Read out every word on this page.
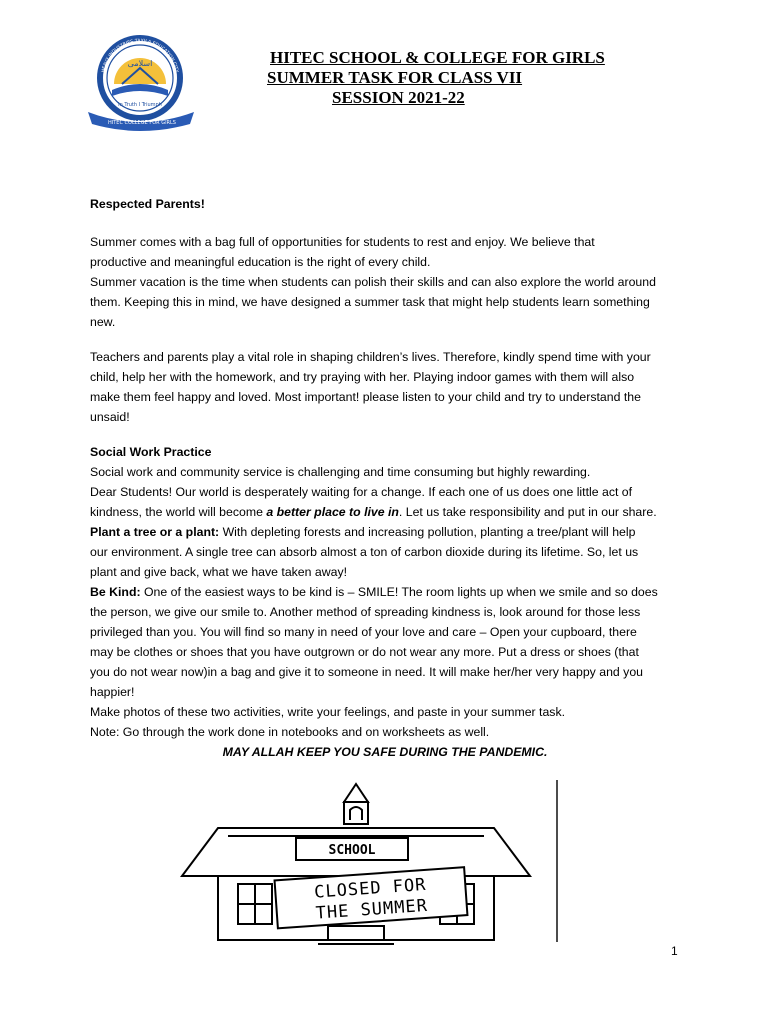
اسلامی
In Truth I Triumph
HEAVY INDUSTRIES TAXILA EDUCATION CITY
HITEC COLLEGE FOR GIRLS
HITEC SCHOOL & COLLEGE FOR GIRLS
SUMMER TASK FOR CLASS VII
SESSION 2021-22

Respected Parents!

Summer comes with a bag full of opportunities for students to rest and enjoy. We believe that

productive and meaningful education is the right of every child.

Summer vacation is the time when students can polish their skills and can also explore the world around

them. Keeping this in mind, we have designed a summer task that might help students learn something

new.

Teachers and parents play a vital role in shaping children’s lives. Therefore, kindly spend time with your

child, help her with the homework, and try praying with her. Playing indoor games with them will also

make them feel happy and loved. Most important! please listen to your child and try to understand the

unsaid!

Social Work Practice

Social work and community service is challenging and time consuming but highly rewarding.

Dear Students! Our world is desperately waiting for a change. If each one of us does one little act of

kindness, the world will become a better place to live in. Let us take responsibility and put in our share.

Plant a tree or a plant: With depleting forests and increasing pollution, planting a tree/plant will help

our environment. A single tree can absorb almost a ton of carbon dioxide during its lifetime. So, let us

plant and give back, what we have taken away!

Be Kind: One of the easiest ways to be kind is – SMILE! The room lights up when we smile and so does

the person, we give our smile to. Another method of spreading kindness is, look around for those less

privileged than you. You will find so many in need of your love and care – Open your cupboard, there

may be clothes or shoes that you have outgrown or do not wear any more. Put a dress or shoes (that

you do not wear now)in a bag and give it to someone in need. It will make her/her very happy and you

happier!

Make photos of these two activities, write your feelings, and paste in your summer task.

Note: Go through the work done in notebooks and on worksheets as well.

MAY ALLAH KEEP YOU SAFE DURING THE PANDEMIC.

SCHOOL
CLOSED FOR
THE SUMMER
1
